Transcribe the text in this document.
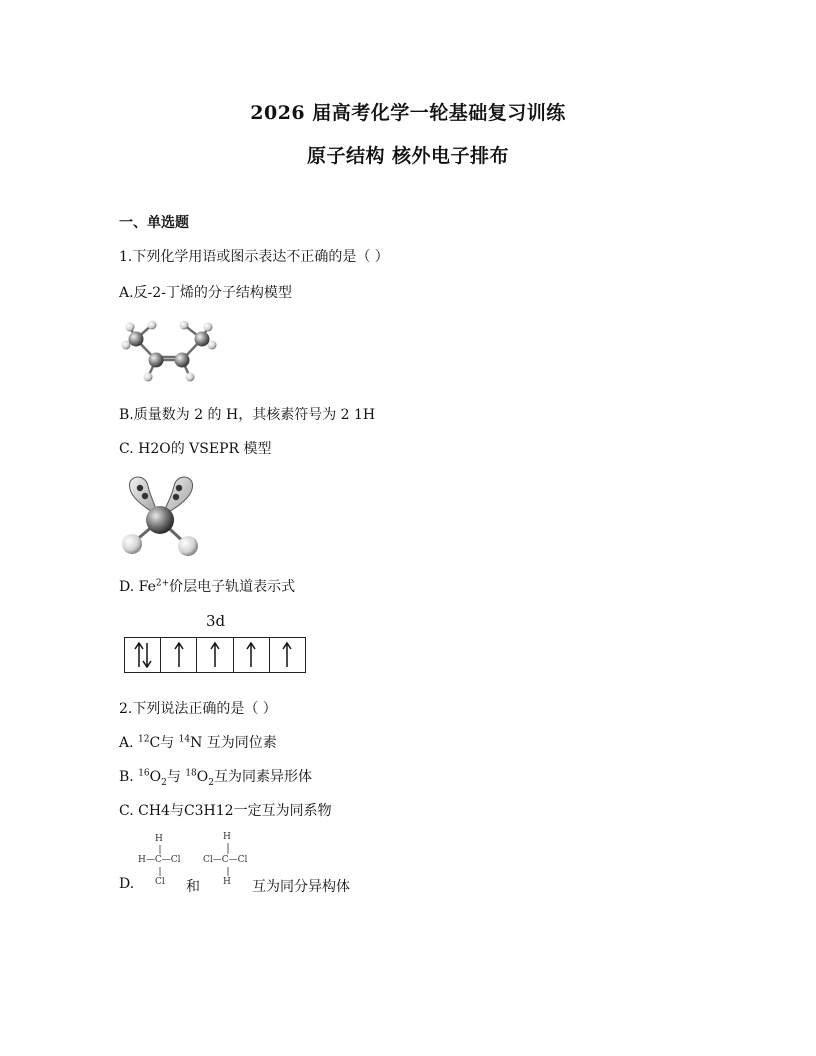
2026 届高考化学一轮基础复习训练
原子结构 核外电子排布
一、单选题
1.下列化学用语或图示表达不正确的是（ ）
A.反-2-丁烯的分子结构模型
B.质量数为 2 的 H，其核素符号为 2 1H
C. H2O的 VSEPR 模型
D. $Fe^{2+}$价层电子轨道表示式
3d
2.下列说法正确的是（ ）
A. $^{12}$C与 $^{14}$N 互为同位素
B. $^{16}O_2$与 $^{18}O_2$互为同素异形体
C. CH4与C3H12一定互为同系物
D.	和	互为同分异构体
H
H—C—Cl
Cl
H
Cl—C—Cl
H
